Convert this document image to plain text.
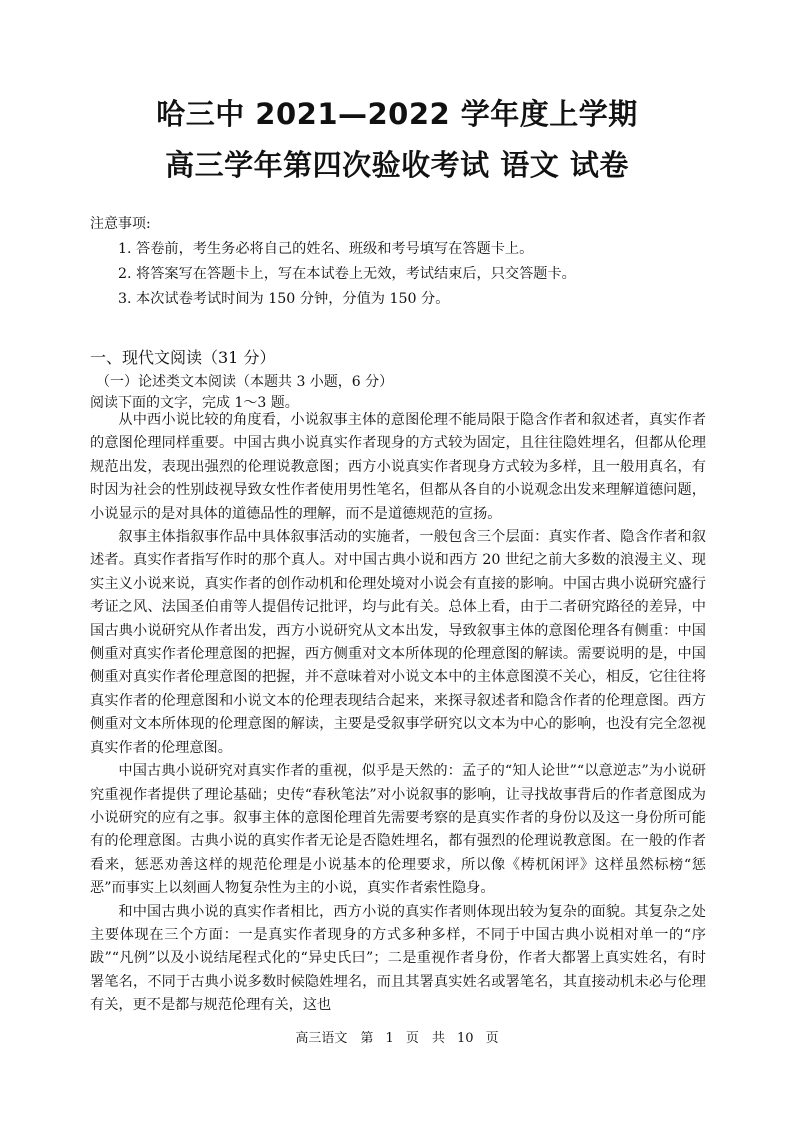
哈三中 2021—2022 学年度上学期
高三学年第四次验收考试 语文 试卷
注意事项:
1. 答卷前，考生务必将自己的姓名、班级和考号填写在答题卡上。
2. 将答案写在答题卡上，写在本试卷上无效，考试结束后，只交答题卡。
3. 本次试卷考试时间为 150 分钟，分值为 150 分。
一、现代文阅读（31 分）
（一）论述类文本阅读（本题共 3 小题，6 分）
阅读下面的文字，完成 1～3 题。

从中西小说比较的角度看，小说叙事主体的意图伦理不能局限于隐含作者和叙述者，真实作者的意图伦理同样重要。中国古典小说真实作者现身的方式较为固定，且往往隐姓埋名，但都从伦理规范出发，表现出强烈的伦理说教意图；西方小说真实作者现身方式较为多样，且一般用真名，有时因为社会的性别歧视导致女性作者使用男性笔名，但都从各自的小说观念出发来理解道德问题，小说显示的是对具体的道德品性的理解，而不是道德规范的宣扬。

叙事主体指叙事作品中具体叙事活动的实施者，一般包含三个层面：真实作者、隐含作者和叙述者。真实作者指写作时的那个真人。对中国古典小说和西方 20 世纪之前大多数的浪漫主义、现实主义小说来说，真实作者的创作动机和伦理处境对小说会有直接的影响。中国古典小说研究盛行考证之风、法国圣伯甫等人提倡传记批评，均与此有关。总体上看，由于二者研究路径的差异，中国古典小说研究从作者出发，西方小说研究从文本出发，导致叙事主体的意图伦理各有侧重：中国侧重对真实作者伦理意图的把握，西方侧重对文本所体现的伦理意图的解读。需要说明的是，中国侧重对真实作者伦理意图的把握，并不意味着对小说文本中的主体意图漠不关心，相反，它往往将真实作者的伦理意图和小说文本的伦理表现结合起来，来探寻叙述者和隐含作者的伦理意图。西方侧重对文本所体现的伦理意图的解读，主要是受叙事学研究以文本为中心的影响，也没有完全忽视真实作者的伦理意图。

中国古典小说研究对真实作者的重视，似乎是天然的：孟子的“知人论世”“以意逆志”为小说研究重视作者提供了理论基础；史传“春秋笔法”对小说叙事的影响，让寻找故事背后的作者意图成为小说研究的应有之事。叙事主体的意图伦理首先需要考察的是真实作者的身份以及这一身份所可能有的伦理意图。古典小说的真实作者无论是否隐姓埋名，都有强烈的伦理说教意图。在一般的作者看来，惩恶劝善这样的规范伦理是小说基本的伦理要求，所以像《梼杌闲评》这样虽然标榜“惩恶”而事实上以刻画人物复杂性为主的小说，真实作者索性隐身。

和中国古典小说的真实作者相比，西方小说的真实作者则体现出较为复杂的面貌。其复杂之处主要体现在三个方面：一是真实作者现身的方式多种多样，不同于中国古典小说相对单一的“序跋”“凡例”以及小说结尾程式化的“异史氏曰”；二是重视作者身份，作者大都署上真实姓名，有时署笔名，不同于古典小说多数时候隐姓埋名，而且其署真实姓名或署笔名，其直接动机未必与伦理有关，更不是都与规范伦理有关，这也

高三语文　第 1 页　共 10 页
